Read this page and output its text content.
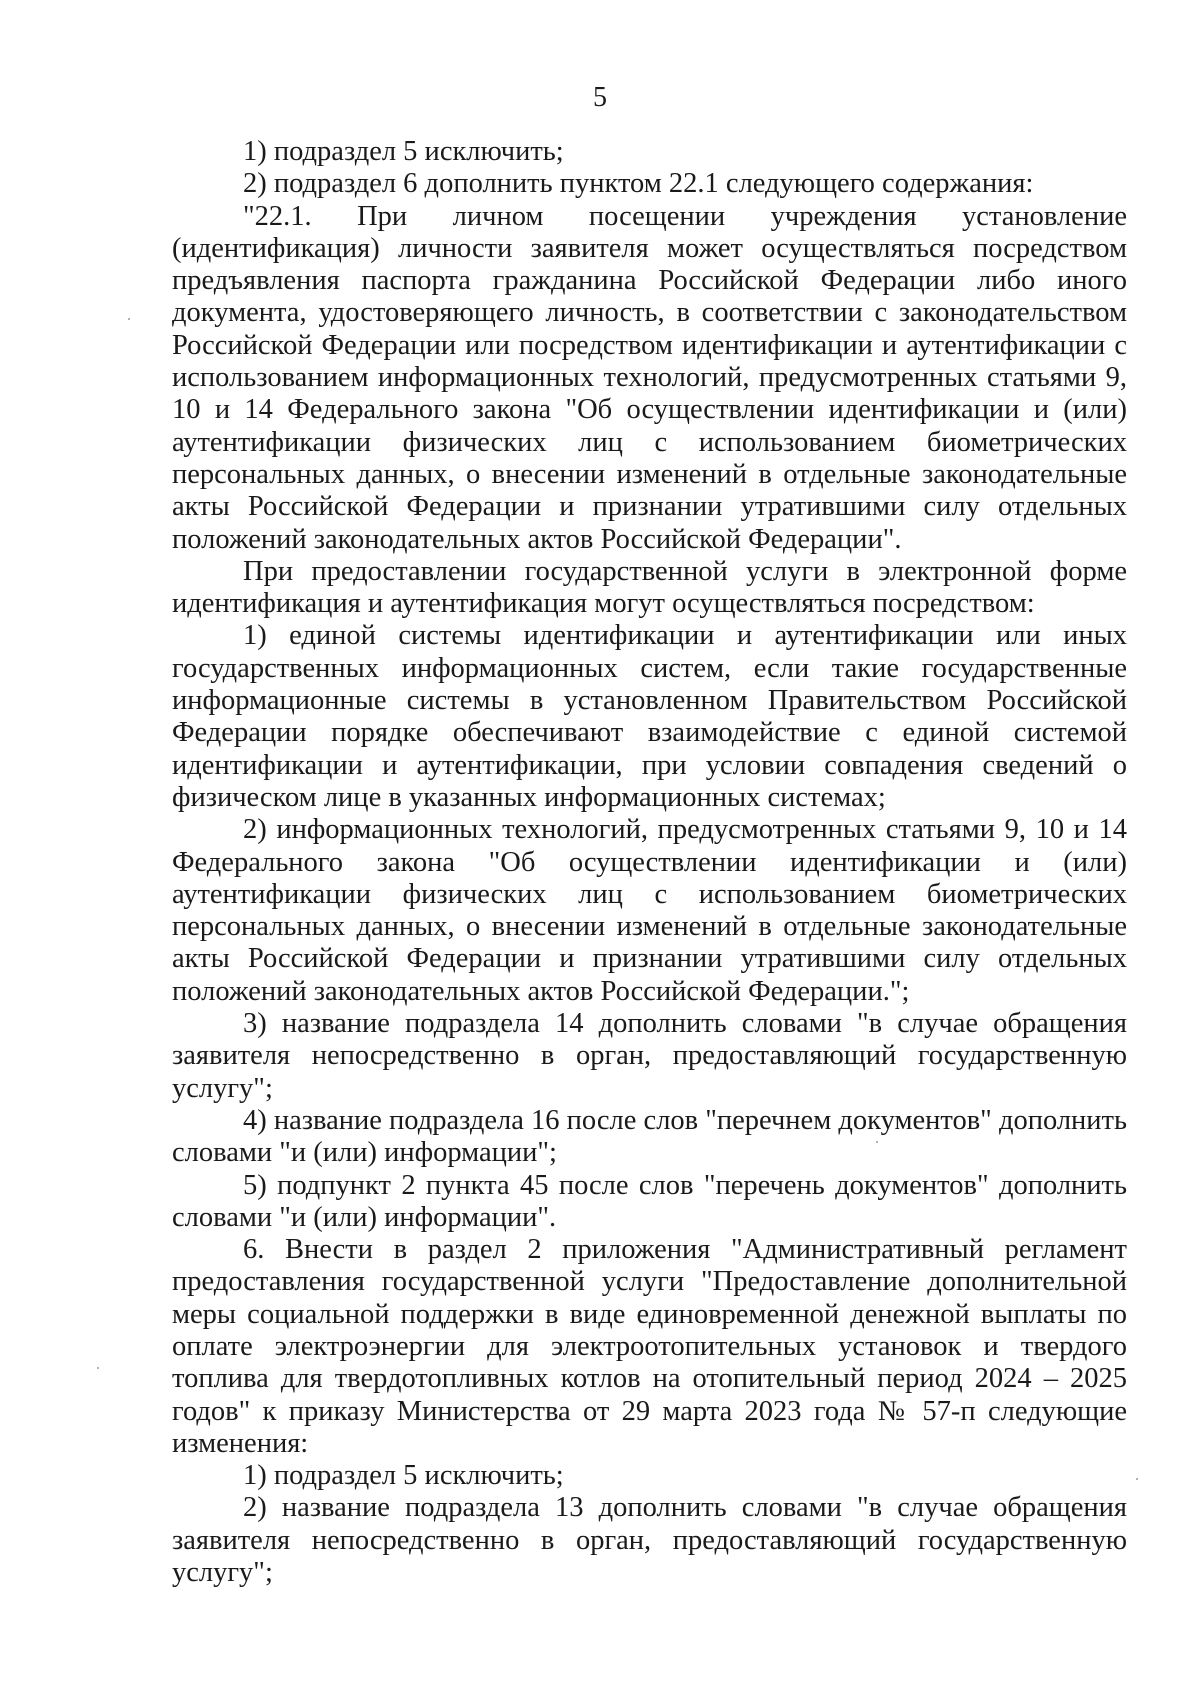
5

1) подраздел 5 исключить;

2) подраздел 6 дополнить пунктом 22.1 следующего содержания:

"22.1. При личном посещении учреждения установление (идентификация) личности заявителя может осуществляться посредством предъявления паспорта гражданина Российской Федерации либо иного документа, удостоверяющего личность, в соответствии с законодательством Российской Федерации или посредством идентификации и аутентификации с использованием информационных технологий, предусмотренных статьями 9, 10 и 14 Федерального закона "Об осуществлении идентификации и (или) аутентификации физических лиц с использованием биометрических персональных данных, о внесении изменений в отдельные законодательные акты Российской Федерации и признании утратившими силу отдельных положений законодательных актов Российской Федерации".

При предоставлении государственной услуги в электронной форме идентификация и аутентификация могут осуществляться посредством:

1) единой системы идентификации и аутентификации или иных государственных информационных систем, если такие государственные информационные системы в установленном Правительством Российской Федерации порядке обеспечивают взаимодействие с единой системой идентификации и аутентификации, при условии совпадения сведений о физическом лице в указанных информационных системах;

2) информационных технологий, предусмотренных статьями 9, 10 и 14 Федерального закона "Об осуществлении идентификации и (или) аутентификации физических лиц с использованием биометрических персональных данных, о внесении изменений в отдельные законодательные акты Российской Федерации и признании утратившими силу отдельных положений законодательных актов Российской Федерации.";

3) название подраздела 14 дополнить словами "в случае обращения заявителя непосредственно в орган, предоставляющий государственную услугу";

4) название подраздела 16 после слов "перечнем документов" дополнить словами "и (или) информации";

5) подпункт 2 пункта 45 после слов "перечень документов" дополнить словами "и (или) информации".

6. Внести в раздел 2 приложения "Административный регламент предоставления государственной услуги "Предоставление дополнительной меры социальной поддержки в виде единовременной денежной выплаты по оплате электроэнергии для электроотопительных установок и твердого топлива для твердотопливных котлов на отопительный период 2024 – 2025 годов" к приказу Министерства от 29 марта 2023 года № 57-п следующие изменения:

1) подраздел 5 исключить;

2) название подраздела 13 дополнить словами "в случае обращения заявителя непосредственно в орган, предоставляющий государственную услугу";
